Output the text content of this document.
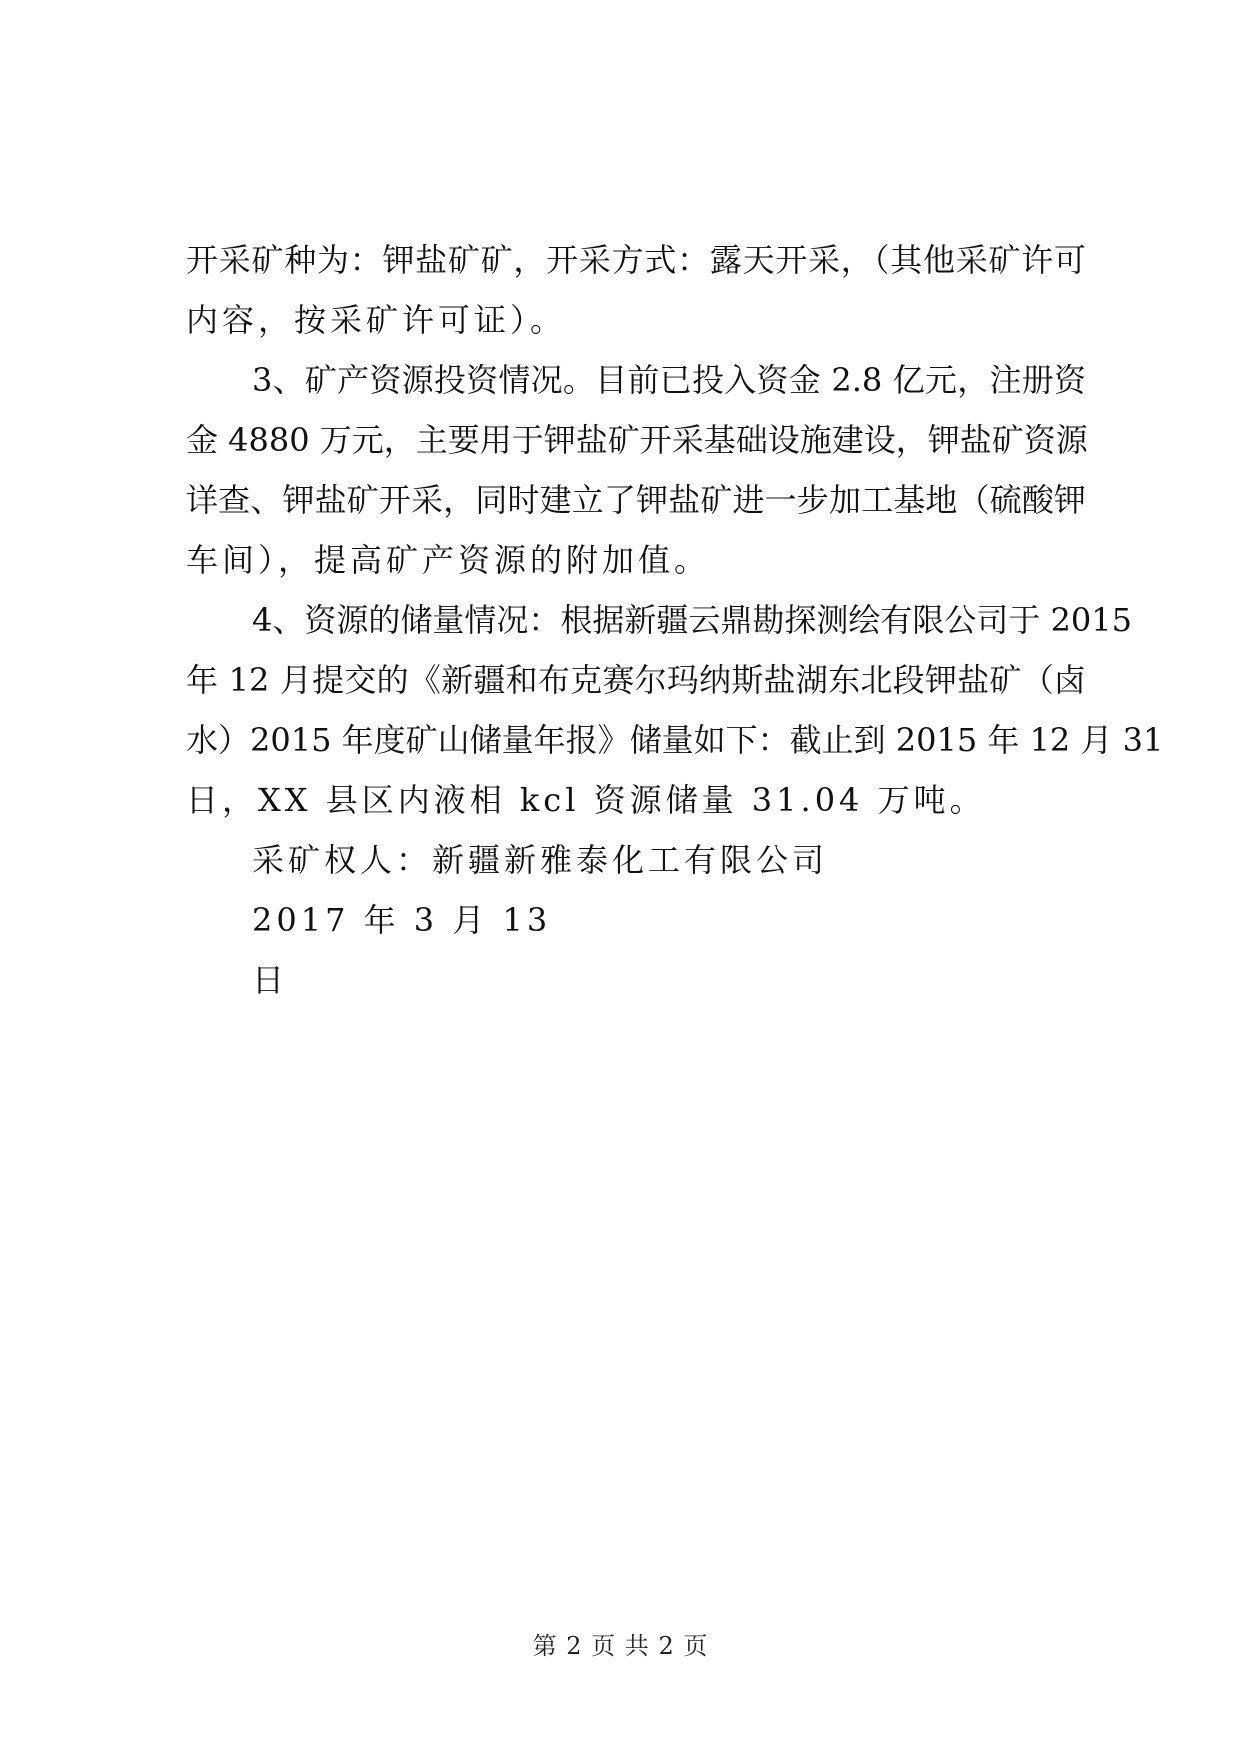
开采矿种为：钾盐矿矿，开采方式：露天开采，（其他采矿许可
内容，按采矿许可证）。
3、矿产资源投资情况。目前已投入资金 2.8 亿元，注册资
金 4880 万元，主要用于钾盐矿开采基础设施建设，钾盐矿资源
详查、钾盐矿开采，同时建立了钾盐矿进一步加工基地（硫酸钾
车间），提高矿产资源的附加值。
4、资源的储量情况：根据新疆云鼎勘探测绘有限公司于 2015
年 12 月提交的《新疆和布克赛尔玛纳斯盐湖东北段钾盐矿（卤
水）2015 年度矿山储量年报》储量如下：截止到 2015 年 12 月 31
日，XX 县区内液相 kcl 资源储量 31.04 万吨。
采矿权人：新疆新雅泰化工有限公司
2017 年 3 月 13
日
第 2 页 共 2 页
